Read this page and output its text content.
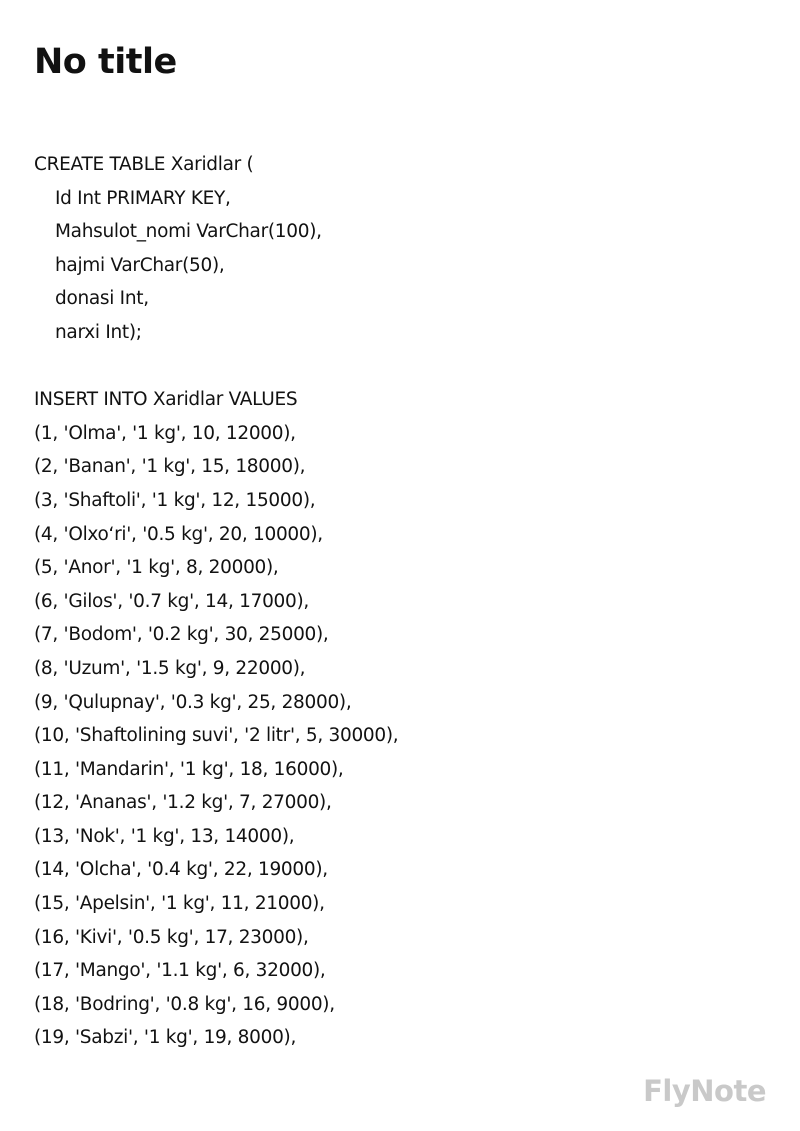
No title
CREATE TABLE Xaridlar (
Id Int PRIMARY KEY,
Mahsulot_nomi VarChar(100),
hajmi VarChar(50),
donasi Int,
narxi Int);
INSERT INTO Xaridlar VALUES
(1, 'Olma', '1 kg', 10, 12000),
(2, 'Banan', '1 kg', 15, 18000),
(3, 'Shaftoli', '1 kg', 12, 15000),
(4, 'Olxo‘ri', '0.5 kg', 20, 10000),
(5, 'Anor', '1 kg', 8, 20000),
(6, 'Gilos', '0.7 kg', 14, 17000),
(7, 'Bodom', '0.2 kg', 30, 25000),
(8, 'Uzum', '1.5 kg', 9, 22000),
(9, 'Qulupnay', '0.3 kg', 25, 28000),
(10, 'Shaftolining suvi', '2 litr', 5, 30000),
(11, 'Mandarin', '1 kg', 18, 16000),
(12, 'Ananas', '1.2 kg', 7, 27000),
(13, 'Nok', '1 kg', 13, 14000),
(14, 'Olcha', '0.4 kg', 22, 19000),
(15, 'Apelsin', '1 kg', 11, 21000),
(16, 'Kivi', '0.5 kg', 17, 23000),
(17, 'Mango', '1.1 kg', 6, 32000),
(18, 'Bodring', '0.8 kg', 16, 9000),
(19, 'Sabzi', '1 kg', 19, 8000),
FlyNote
